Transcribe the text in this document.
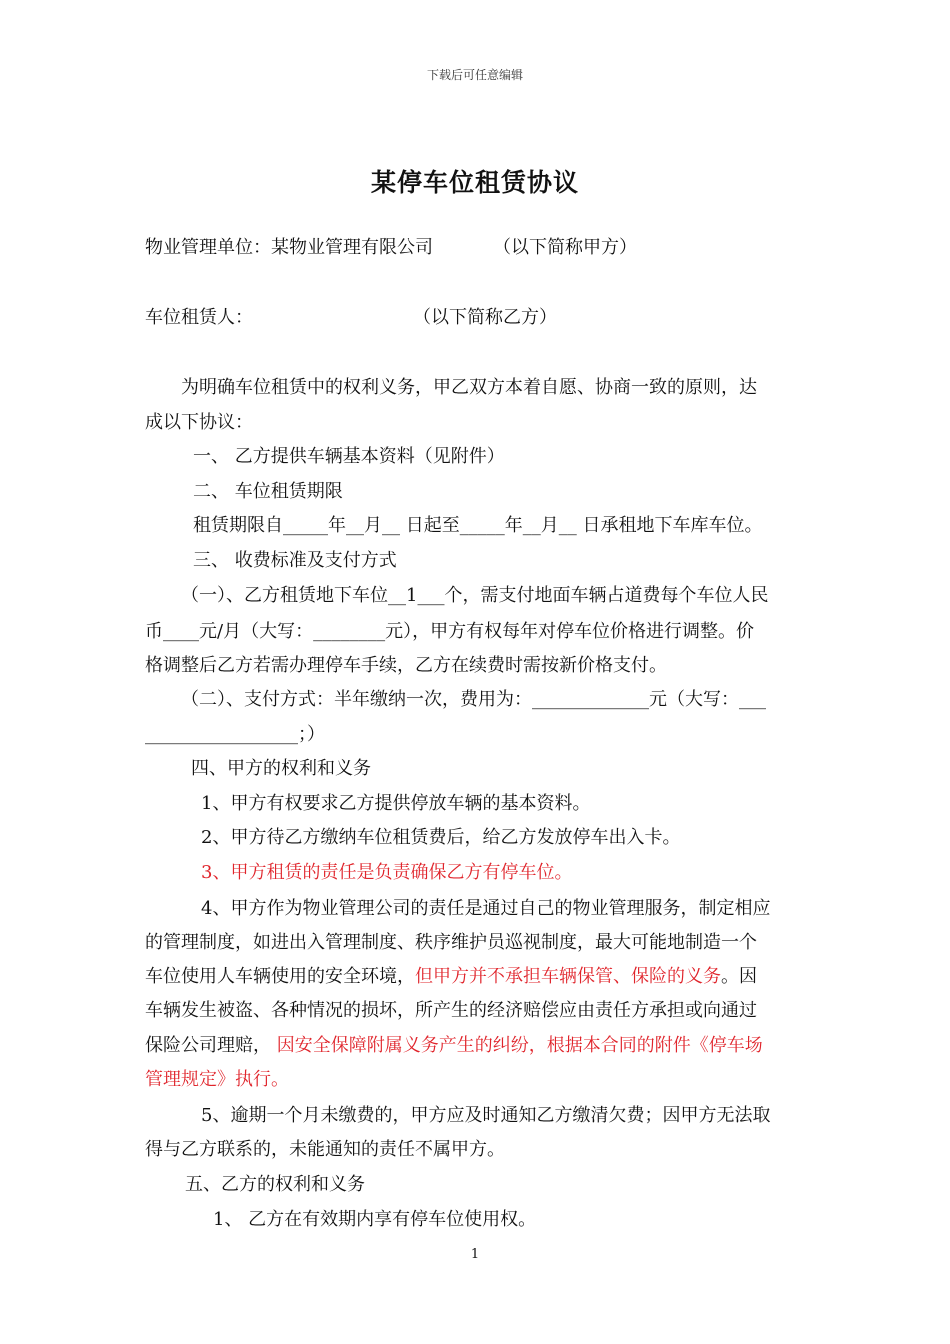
下载后可任意编辑
某停车位租赁协议
物业管理单位：某物业管理有限公司	（以下简称甲方）
车位租赁人：	（以下简称乙方）
为明确车位租赁中的权利义务，甲乙双方本着自愿、协商一致的原则，达
成以下协议：
一、 乙方提供车辆基本资料（见附件）
二、 车位租赁期限
租赁期限自_____年__月__ 日起至_____年__月__ 日承租地下车库车位。
三、 收费标准及支付方式
（一）、乙方租赁地下车位__1___个，需支付地面车辆占道费每个车位人民
币____元/月（大写：________元），甲方有权每年对停车位价格进行调整。价
格调整后乙方若需办理停车手续，乙方在续费时需按新价格支付。
（二）、支付方式：半年缴纳一次，费用为：_____________元（大写：___
_________________；）
四、甲方的权利和义务
1、甲方有权要求乙方提供停放车辆的基本资料。
2、甲方待乙方缴纳车位租赁费后，给乙方发放停车出入卡。
3、甲方租赁的责任是负责确保乙方有停车位。
4、甲方作为物业管理公司的责任是通过自己的物业管理服务，制定相应
的管理制度，如进出入管理制度、秩序维护员巡视制度，最大可能地制造一个
车位使用人车辆使用的安全环境，但甲方并不承担车辆保管、保险的义务。因
车辆发生被盗、各种情况的损坏，所产生的经济赔偿应由责任方承担或向通过
保险公司理赔， 因安全保障附属义务产生的纠纷，根据本合同的附件《停车场
管理规定》执行。
5、逾期一个月未缴费的，甲方应及时通知乙方缴清欠费；因甲方无法取
得与乙方联系的，未能通知的责任不属甲方。
五、乙方的权利和义务
1、 乙方在有效期内享有停车位使用权。
1
